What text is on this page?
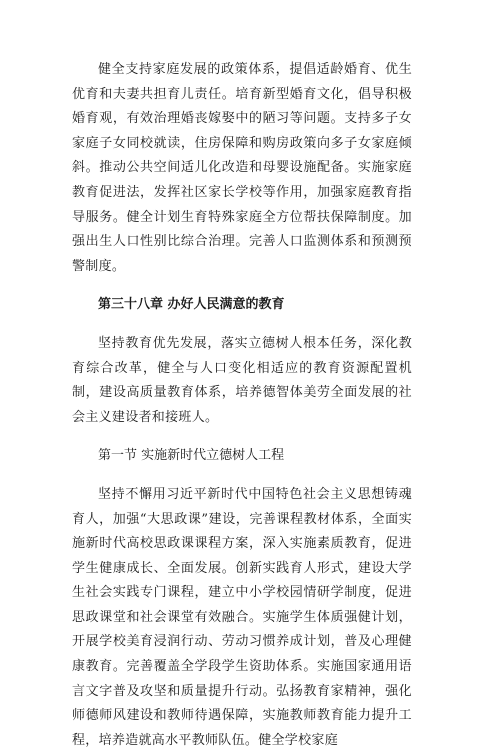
健全支持家庭发展的政策体系，提倡适龄婚育、优生优育和夫妻共担育儿责任。培育新型婚育文化，倡导积极婚育观，有效治理婚丧嫁娶中的陋习等问题。支持多子女家庭子女同校就读，住房保障和购房政策向多子女家庭倾斜。推动公共空间适儿化改造和母婴设施配备。实施家庭教育促进法，发挥社区家长学校等作用，加强家庭教育指导服务。健全计划生育特殊家庭全方位帮扶保障制度。加强出生人口性别比综合治理。完善人口监测体系和预测预警制度。

第三十八章 办好人民满意的教育

坚持教育优先发展，落实立德树人根本任务，深化教育综合改革，健全与人口变化相适应的教育资源配置机制，建设高质量教育体系，培养德智体美劳全面发展的社会主义建设者和接班人。

第一节 实施新时代立德树人工程

坚持不懈用习近平新时代中国特色社会主义思想铸魂育人，加强“大思政课”建设，完善课程教材体系，全面实施新时代高校思政课课程方案，深入实施素质教育，促进学生健康成长、全面发展。创新实践育人形式，建设大学生社会实践专门课程，建立中小学校园情研学制度，促进思政课堂和社会课堂有效融合。实施学生体质强健计划，开展学校美育浸润行动、劳动习惯养成计划，普及心理健康教育。完善覆盖全学段学生资助体系。实施国家通用语言文字普及攻坚和质量提升行动。弘扬教育家精神，强化师德师风建设和教师待遇保障，实施教师教育能力提升工程，培养造就高水平教师队伍。健全学校家庭
